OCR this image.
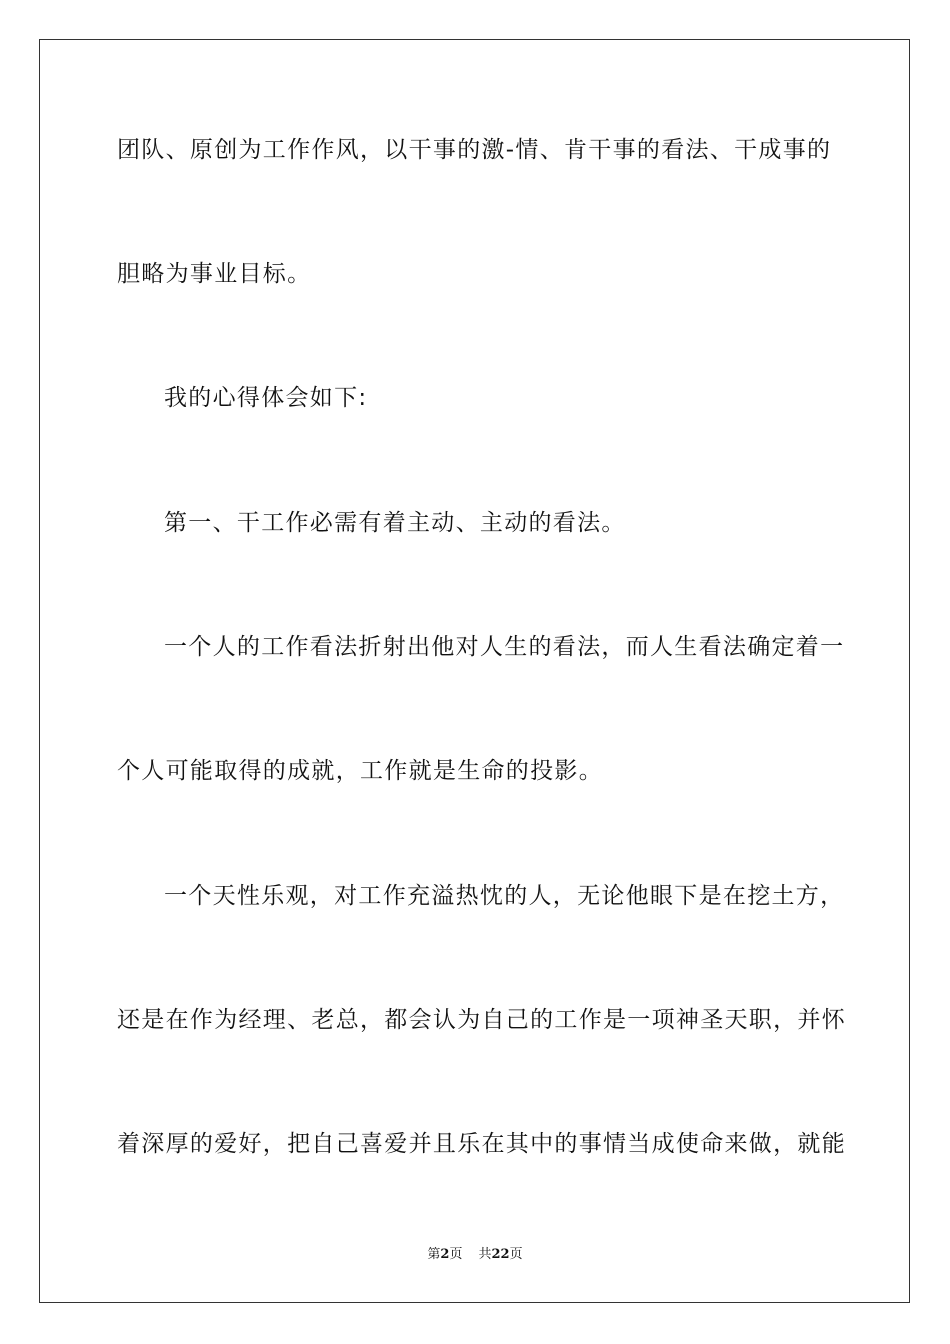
团队、原创为工作作风，以干事的激-情、肯干事的看法、干成事的
胆略为事业目标。
我的心得体会如下:
第一、干工作必需有着主动、主动的看法。
一个人的工作看法折射出他对人生的看法，而人生看法确定着一
个人可能取得的成就，工作就是生命的投影。
一个天性乐观，对工作充溢热忱的人，无论他眼下是在挖土方，
还是在作为经理、老总，都会认为自己的工作是一项神圣天职，并怀
着深厚的爱好，把自己喜爱并且乐在其中的事情当成使命来做，就能
第2页 共22页
